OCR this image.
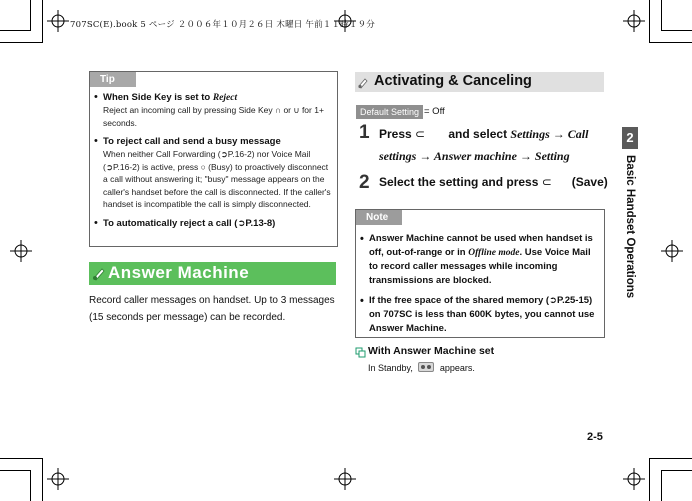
707SC(E).book 5 ページ ２００６年１０月２６日 木曜日 午前１１時１９分
Tip
• When Side Key is set to Reject
Reject an incoming call by pressing Side Key ∩ or ∪ for 1+ seconds.
• To reject call and send a busy message
When neither Call Forwarding (➲P.16-2) nor Voice Mail (➲P.16-2) is active, press ○ (Busy) to proactively disconnect a call without answering it; "busy" message appears on the caller's handset before the call is disconnected. If the caller's handset is incompatible the call is simply disconnected.
• To automatically reject a call (➲P.13-8)
Answer Machine
Record caller messages on handset. Up to 3 messages (15 seconds per message) can be recorded.
Activating & Canceling
Default Setting = Off
1 Press ⊂ and select Settings → Call settings → Answer machine → Setting
2 Select the setting and press ⊂ (Save)
Note
• Answer Machine cannot be used when handset is off, out-of-range or in Offline mode. Use Voice Mail to record caller messages while incoming transmissions are blocked.
• If the free space of the shared memory (➲P.25-15) on 707SC is less than 600K bytes, you cannot use Answer Machine.
With Answer Machine set
In Standby,  appears.
2
Basic Handset Operations
2-5
